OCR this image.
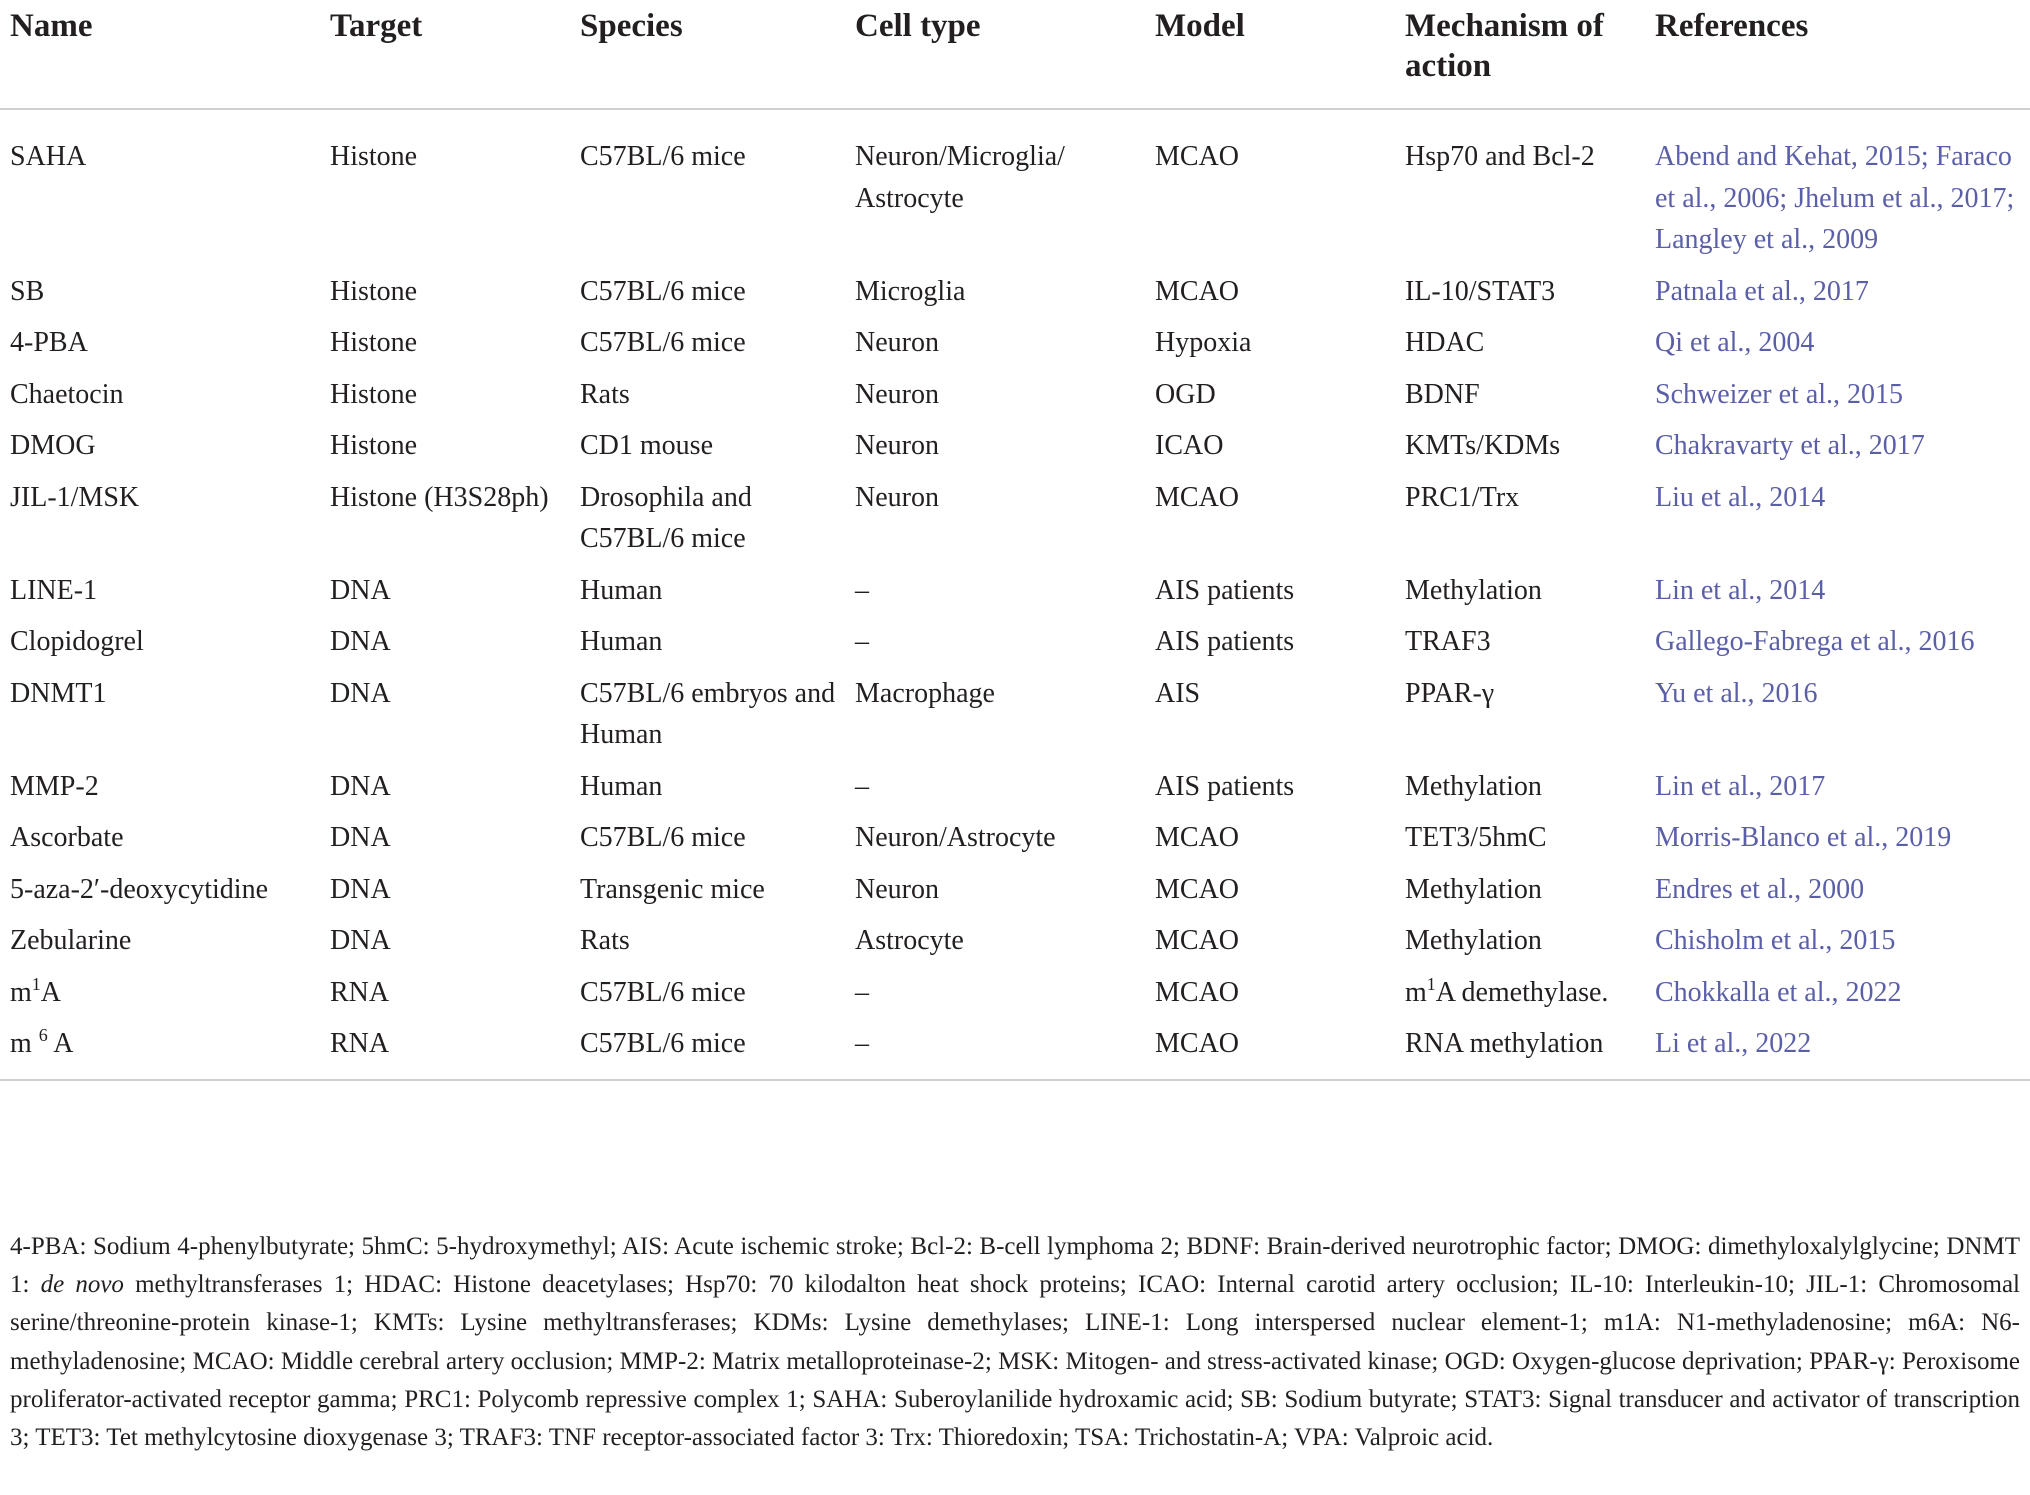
Name	Target	Species	Cell type	Model	Mechanism of action	References
SAHA	Histone	C57BL/6 mice	Neuron/Microglia/ Astrocyte	MCAO	Hsp70 and Bcl-2	Abend and Kehat, 2015; Faraco et al., 2006; Jhelum et al., 2017; Langley et al., 2009
SB	Histone	C57BL/6 mice	Microglia	MCAO	IL-10/STAT3	Patnala et al., 2017
4-PBA	Histone	C57BL/6 mice	Neuron	Hypoxia	HDAC	Qi et al., 2004
Chaetocin	Histone	Rats	Neuron	OGD	BDNF	Schweizer et al., 2015
DMOG	Histone	CD1 mouse	Neuron	ICAO	KMTs/KDMs	Chakravarty et al., 2017
JIL-1/MSK	Histone (H3S28ph)	Drosophila and C57BL/6 mice	Neuron	MCAO	PRC1/Trx	Liu et al., 2014
LINE-1	DNA	Human	–	AIS patients	Methylation	Lin et al., 2014
Clopidogrel	DNA	Human	–	AIS patients	TRAF3	Gallego-Fabrega et al., 2016
DNMT1	DNA	C57BL/6 embryos and Human	Macrophage	AIS	PPAR-γ	Yu et al., 2016
MMP-2	DNA	Human	–	AIS patients	Methylation	Lin et al., 2017
Ascorbate	DNA	C57BL/6 mice	Neuron/Astrocyte	MCAO	TET3/5hmC	Morris-Blanco et al., 2019
5-aza-2′-deoxycytidine	DNA	Transgenic mice	Neuron	MCAO	Methylation	Endres et al., 2000
Zebularine	DNA	Rats	Astrocyte	MCAO	Methylation	Chisholm et al., 2015
$m^1A$	RNA	C57BL/6 mice	–	MCAO	$m^1A$ demethylase.	Chokkalla et al., 2022
m $^6$ A	RNA	C57BL/6 mice	–	MCAO	RNA methylation	Li et al., 2022
4-PBA: Sodium 4-phenylbutyrate; 5hmC: 5-hydroxymethyl; AIS: Acute ischemic stroke; Bcl-2: B-cell lymphoma 2; BDNF: Brain-derived neurotrophic factor; DMOG: dimethyloxalylglycine; DNMT 1: de novo methyltransferases 1; HDAC: Histone deacetylases; Hsp70: 70 kilodalton heat shock proteins; ICAO: Internal carotid artery occlusion; IL-10: Interleukin-10; JIL-1: Chromosomal serine/threonine-protein kinase-1; KMTs: Lysine methyltransferases; KDMs: Lysine demethylases; LINE-1: Long interspersed nuclear element-1; m1A: N1-methyladenosine; m6A: N6-methyladenosine; MCAO: Middle cerebral artery occlusion; MMP-2: Matrix metalloproteinase-2; MSK: Mitogen- and stress-activated kinase; OGD: Oxygen-glucose deprivation; PPAR-γ: Peroxisome proliferator-activated receptor gamma; PRC1: Polycomb repressive complex 1; SAHA: Suberoylanilide hydroxamic acid; SB: Sodium butyrate; STAT3: Signal transducer and activator of transcription 3; TET3: Tet methylcytosine dioxygenase 3; TRAF3: TNF receptor-associated factor 3: Trx: Thioredoxin; TSA: Trichostatin-A; VPA: Valproic acid.
